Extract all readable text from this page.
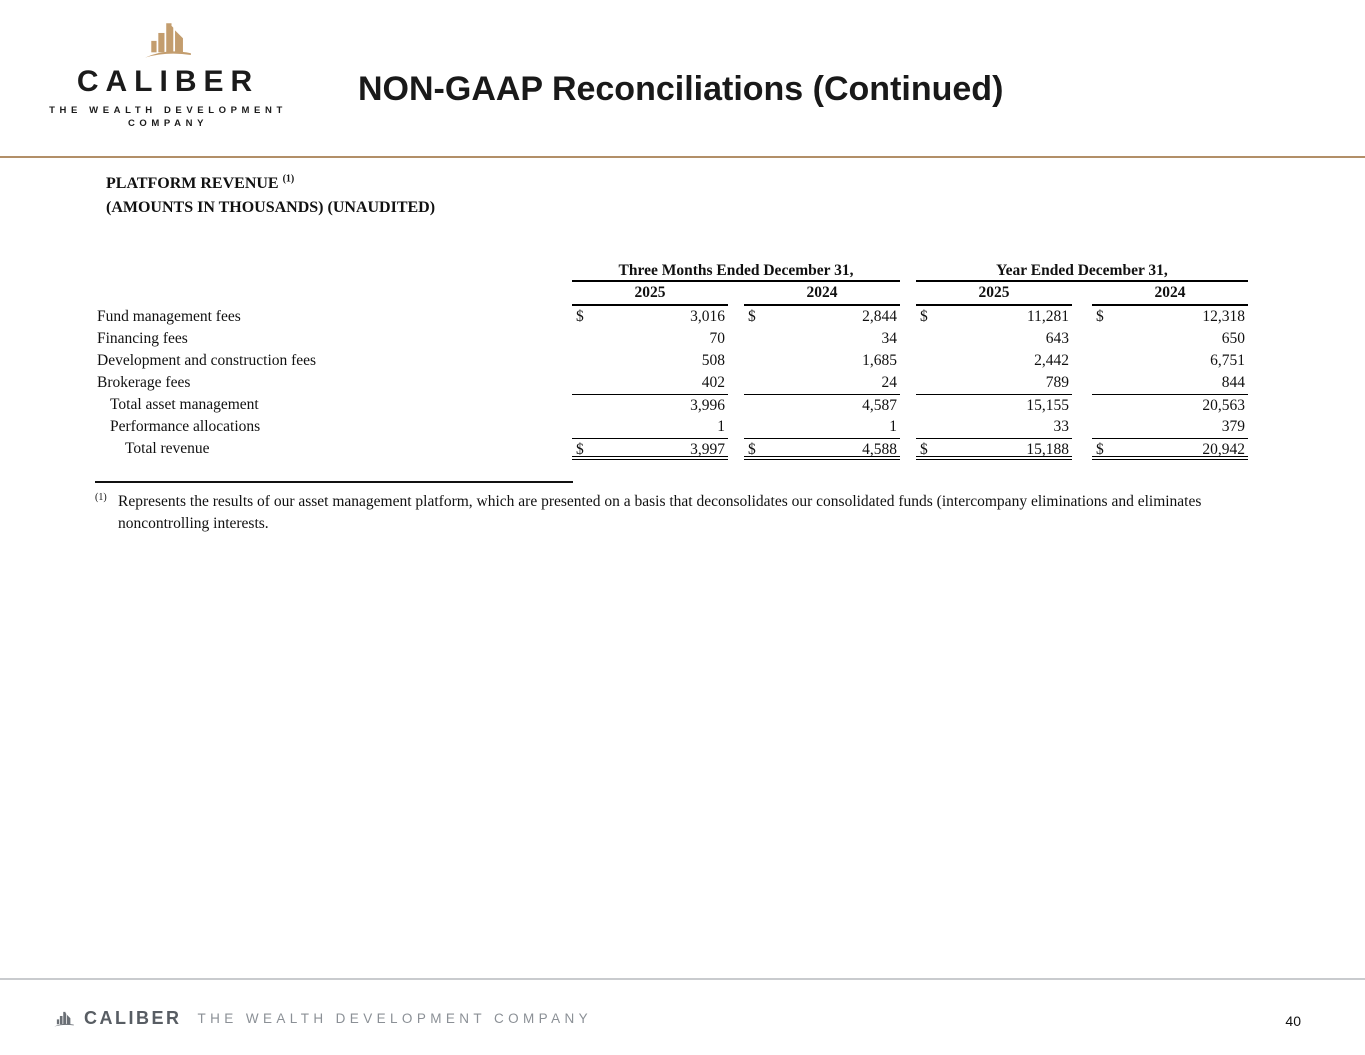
CALIBER
THE WEALTH DEVELOPMENT
COMPANY
NON-GAAP Reconciliations (Continued)
PLATFORM REVENUE $^{(1)}$
(AMOUNTS IN THOUSANDS) (UNAUDITED)
Three Months Ended December 31,	Year Ended December 31,
2025	2024	2025	2024
Fund management fees	$	3,016 $	2,844 $	11,281 $	12,318
Financing fees	70	34	643	650
Development and construction fees	508	1,685	2,442	6,751
Brokerage fees	402	24	789	844
Total asset management	3,996	4,587	15,155	20,563
Performance allocations	1	1	33	379
Total revenue	$	3,997 $	4,588 $	15,188 $	20,942
$^{(1)}$ Represents the results of our asset management platform, which are presented on a basis that deconsolidates our consolidated funds (intercompany eliminations and eliminates noncontrolling interests.
CALIBER THE WEALTH DEVELOPMENT COMPANY	40
